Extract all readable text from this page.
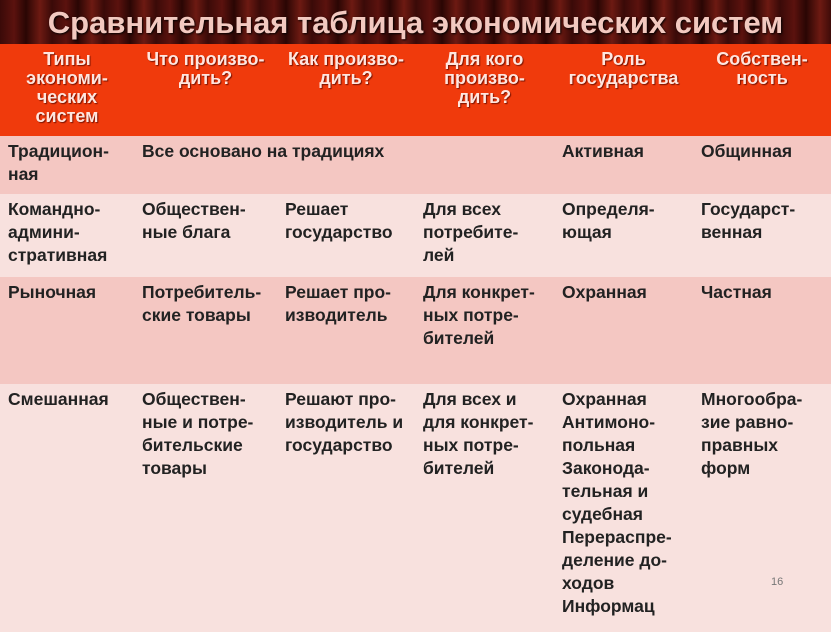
Сравнительная таблица экономических систем
Типы экономи-ческих систем	Что произво-дить?	Как произво-дить?	Для кого произво-дить?	Роль государства	Собствен-ность
Традицион-ная	Все основано на традициях			Активная	Общинная
Командно-админи-стративная	Обществен-ные блага	Решает государство	Для всех потребите-лей	Определя-ющая	Государст-венная
Рыночная	Потребитель-ские товары	Решает про-изводитель	Для конкрет-ных потре-бителей	Охранная	Частная
Смешанная	Обществен-ные и потре-бительские товары	Решают про-изводитель и государство	Для всех и для конкрет-ных потре-бителей	Охранная Антимоно-польная Законода-тельная и судебная Перераспре-деление до-ходов Информац	Многообра-зие равно-правных форм
16
